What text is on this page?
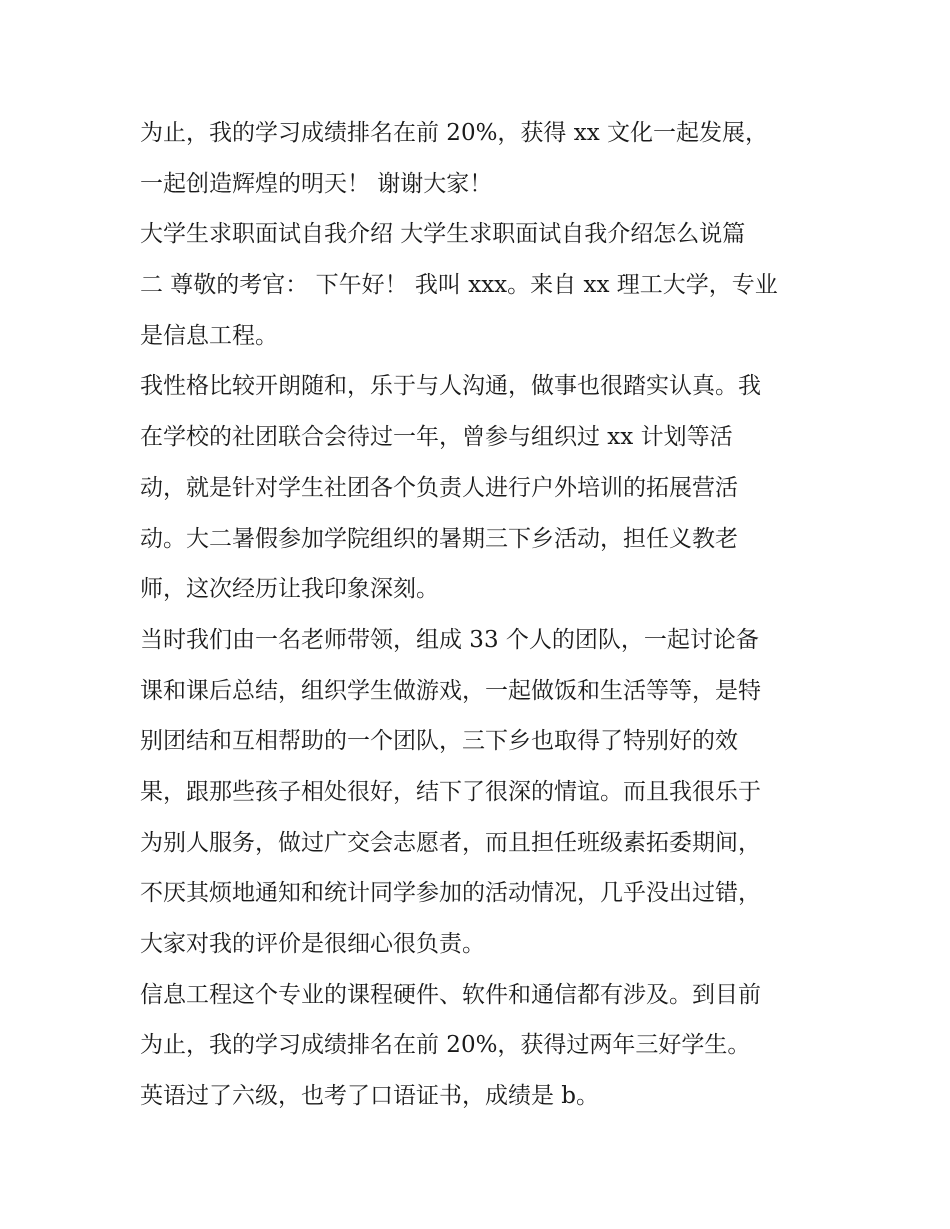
为止，我的学习成绩排名在前 20%，获得 xx 文化一起发展，
一起创造辉煌的明天！ 谢谢大家！
大学生求职面试自我介绍 大学生求职面试自我介绍怎么说篇
二 尊敬的考官： 下午好！ 我叫 xxx。来自 xx 理工大学，专业
是信息工程。
我性格比较开朗随和，乐于与人沟通，做事也很踏实认真。我
在学校的社团联合会待过一年，曾参与组织过 xx 计划等活
动，就是针对学生社团各个负责人进行户外培训的拓展营活
动。大二暑假参加学院组织的暑期三下乡活动，担任义教老
师，这次经历让我印象深刻。
当时我们由一名老师带领，组成 33 个人的团队，一起讨论备
课和课后总结，组织学生做游戏，一起做饭和生活等等，是特
别团结和互相帮助的一个团队，三下乡也取得了特别好的效
果，跟那些孩子相处很好，结下了很深的情谊。而且我很乐于
为别人服务，做过广交会志愿者，而且担任班级素拓委期间，
不厌其烦地通知和统计同学参加的活动情况，几乎没出过错，
大家对我的评价是很细心很负责。
信息工程这个专业的课程硬件、软件和通信都有涉及。到目前
为止，我的学习成绩排名在前 20%，获得过两年三好学生。
英语过了六级，也考了口语证书，成绩是 b。
